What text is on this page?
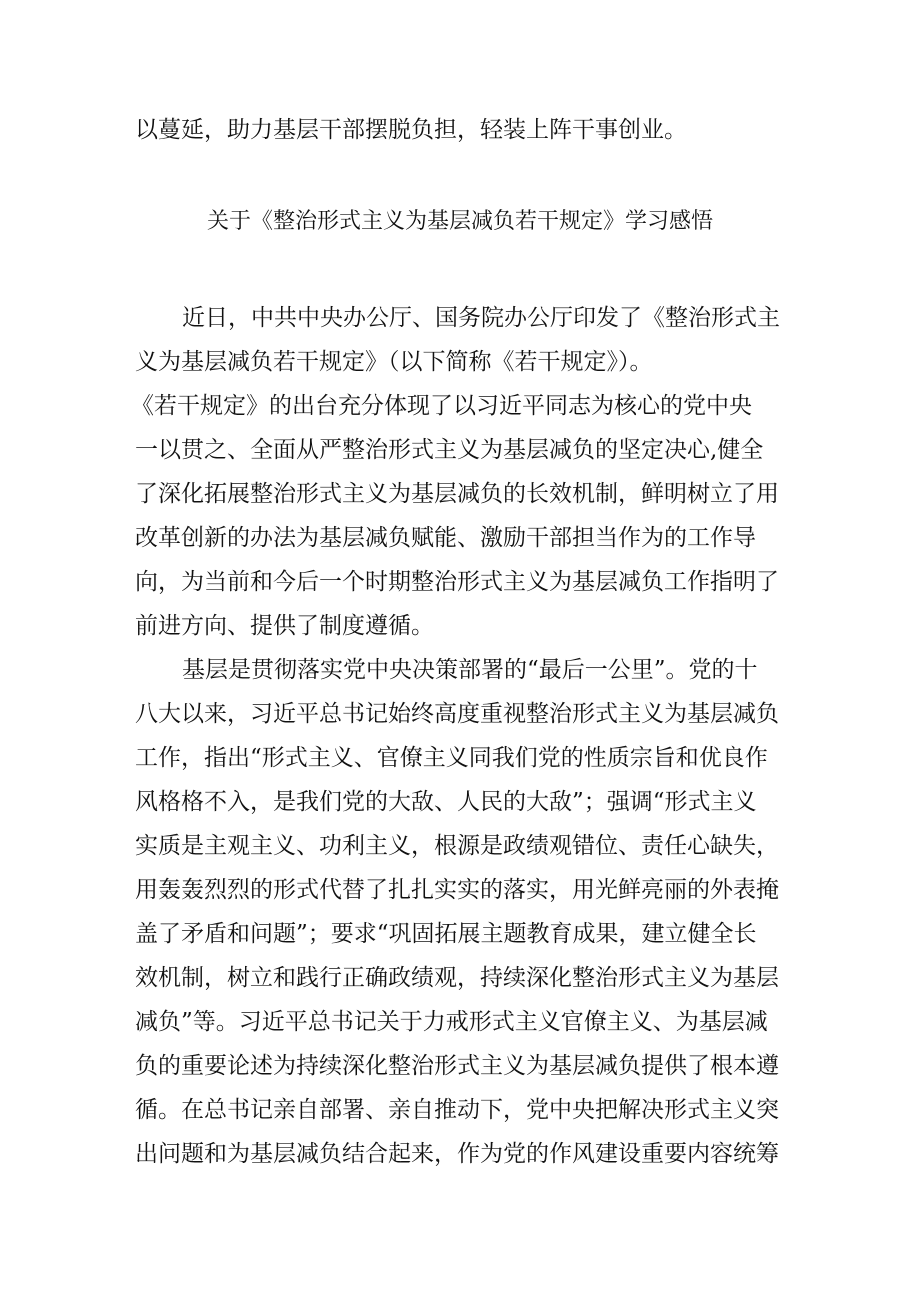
以蔓延，助力基层干部摆脱负担，轻装上阵干事创业。
关于《整治形式主义为基层减负若干规定》学习感悟
近日，中共中央办公厅、国务院办公厅印发了《整治形式主
义为基层减负若干规定》（以下简称《若干规定》）。
《若干规定》的出台充分体现了以习近平同志为核心的党中央
一以贯之、全面从严整治形式主义为基层减负的坚定决心,健全
了深化拓展整治形式主义为基层减负的长效机制，鲜明树立了用
改革创新的办法为基层减负赋能、激励干部担当作为的工作导
向，为当前和今后一个时期整治形式主义为基层减负工作指明了
前进方向、提供了制度遵循。
基层是贯彻落实党中央决策部署的“最后一公里”。党的十
八大以来，习近平总书记始终高度重视整治形式主义为基层减负
工作，指出“形式主义、官僚主义同我们党的性质宗旨和优良作
风格格不入，是我们党的大敌、人民的大敌”；强调“形式主义
实质是主观主义、功利主义，根源是政绩观错位、责任心缺失，
用轰轰烈烈的形式代替了扎扎实实的落实，用光鲜亮丽的外表掩
盖了矛盾和问题”；要求“巩固拓展主题教育成果，建立健全长
效机制，树立和践行正确政绩观，持续深化整治形式主义为基层
减负”等。习近平总书记关于力戒形式主义官僚主义、为基层减
负的重要论述为持续深化整治形式主义为基层减负提供了根本遵
循。在总书记亲自部署、亲自推动下，党中央把解决形式主义突
出问题和为基层减负结合起来，作为党的作风建设重要内容统筹
